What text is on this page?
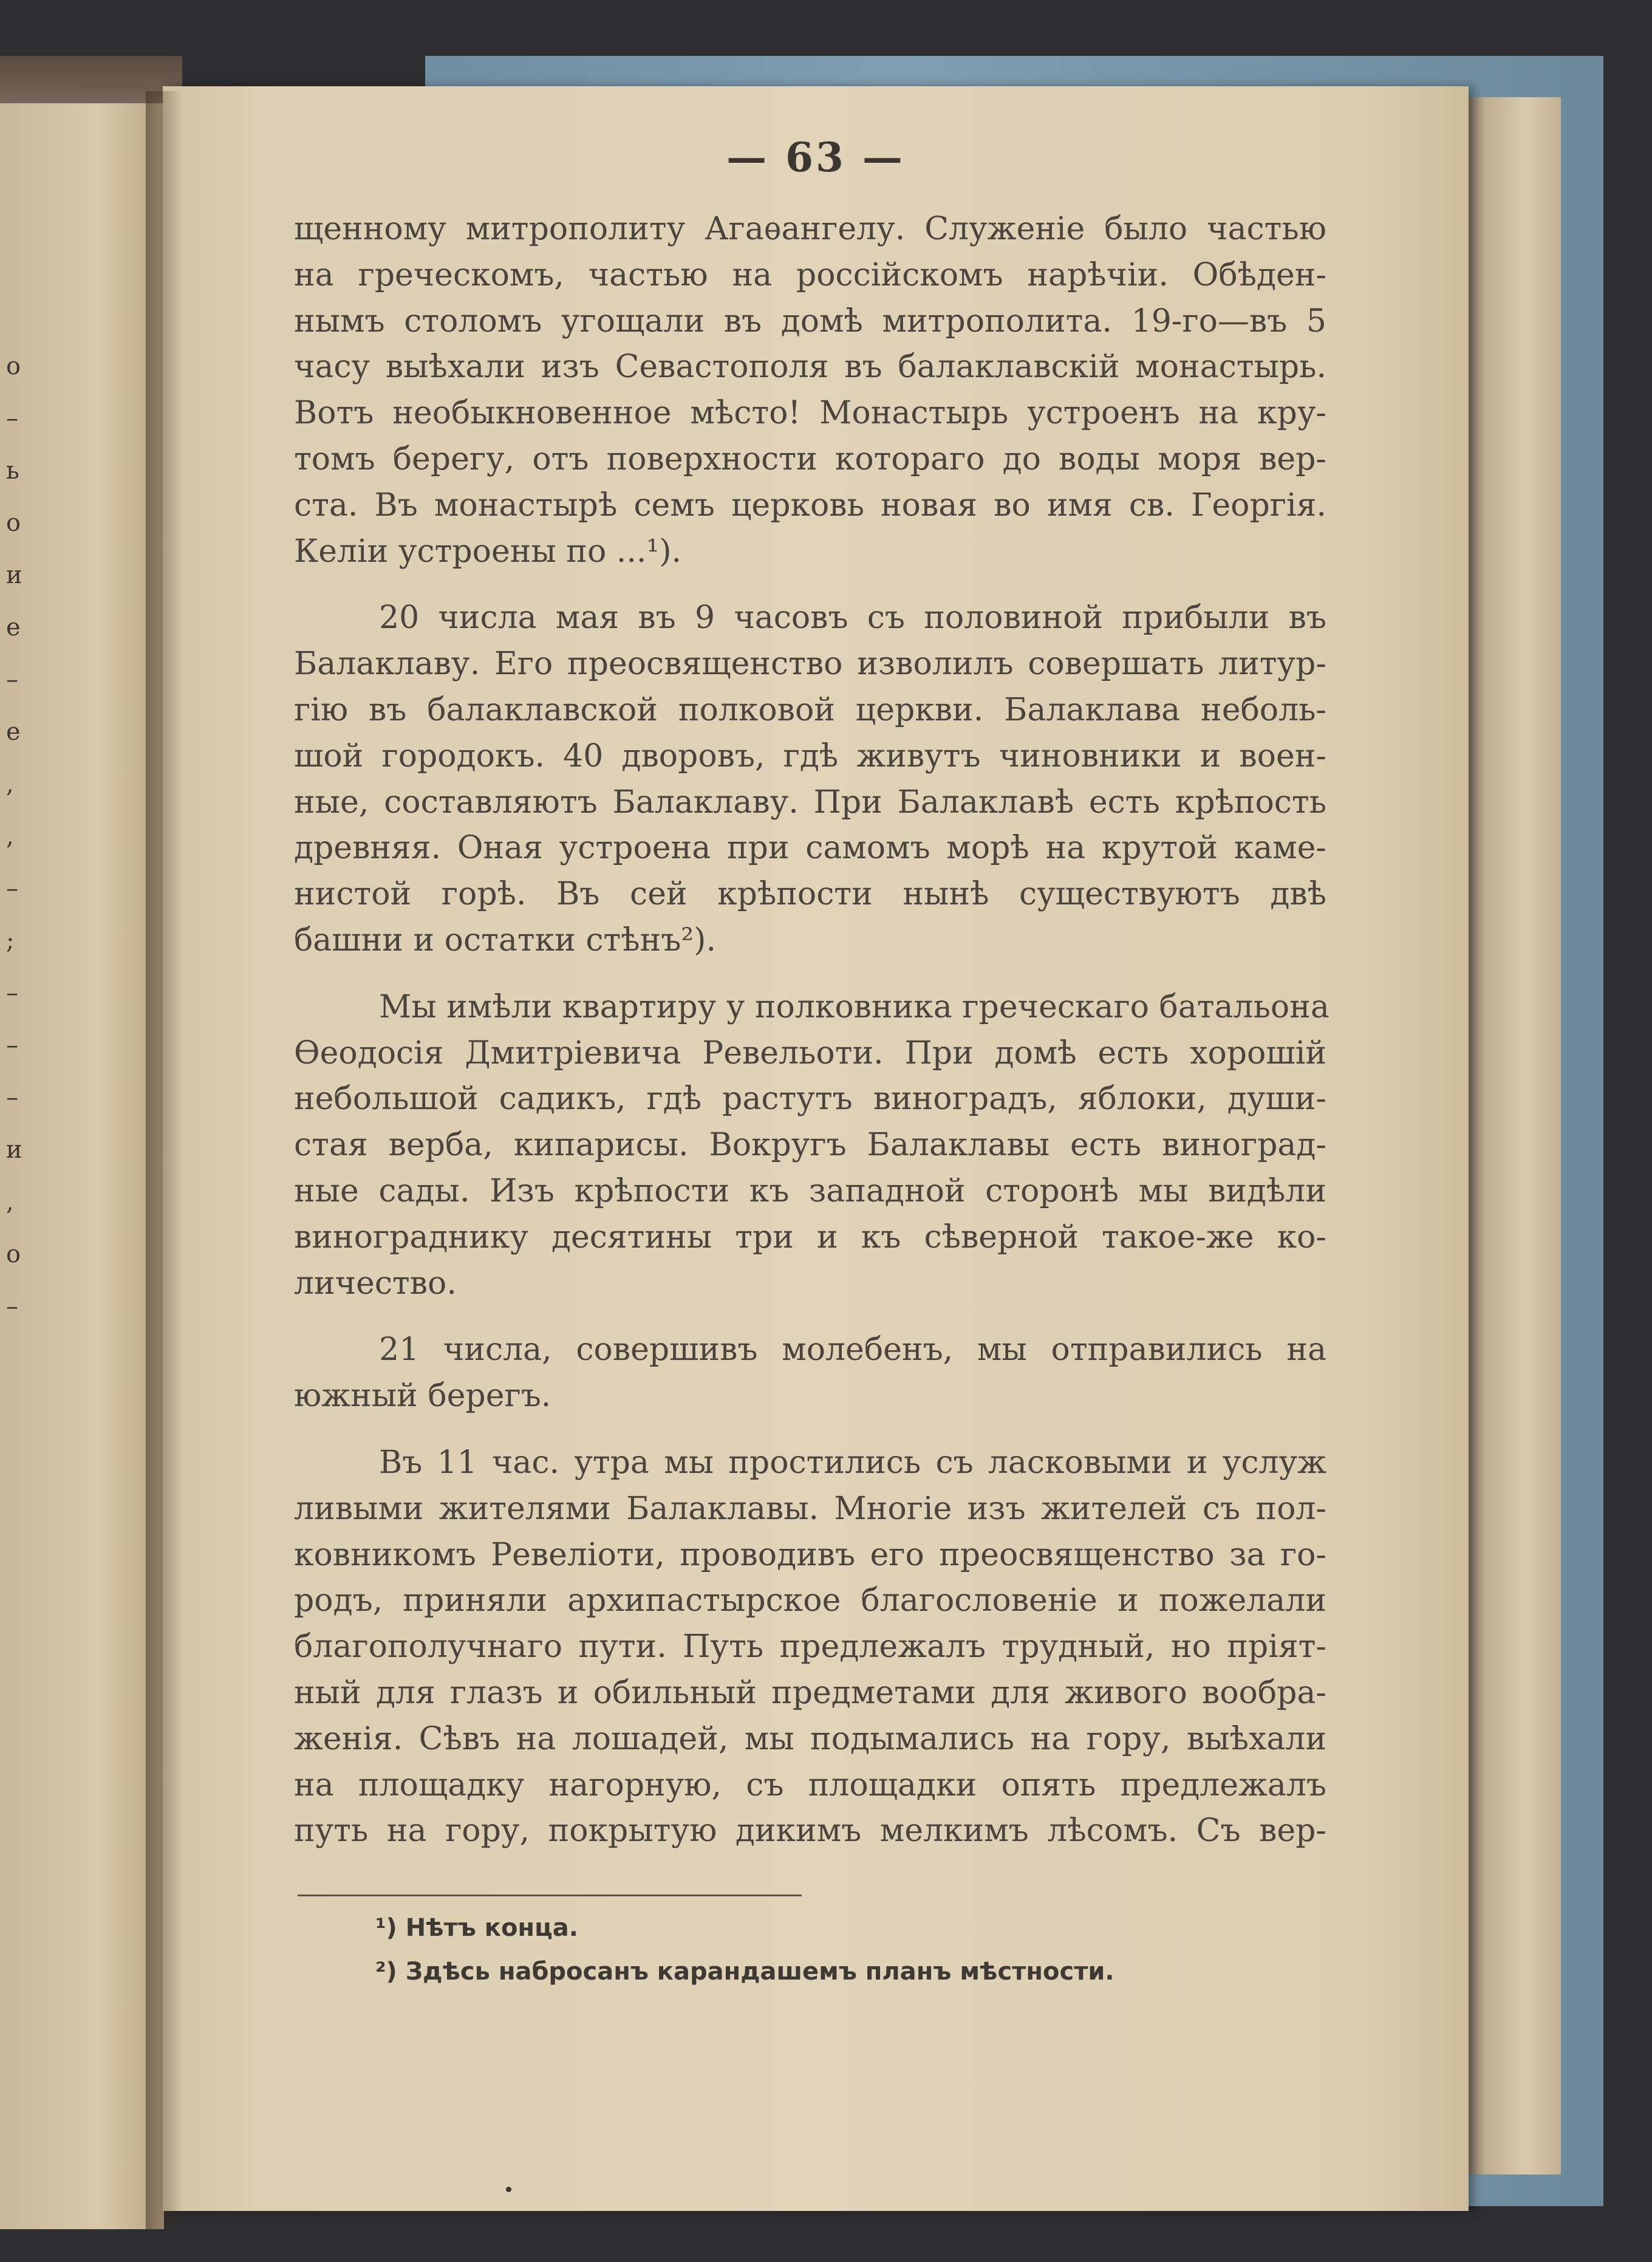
о
–
ь
о
и
е
–
е
,
,
–
;
–
–
–
и
,
о
–
— 63 —
щенному митрополиту Агаѳангелу. Служеніе было частью
на греческомъ, частью на россійскомъ нарѣчіи. Обѣден-
нымъ столомъ угощали въ домѣ митрополита. 19-го—въ 5
часу выѣхали изъ Севастополя въ балаклавскій монастырь.
Вотъ необыкновенное мѣсто! Монастырь устроенъ на кру-
томъ берегу, отъ поверхности котораго до воды моря вер-
ста. Въ монастырѣ семъ церковь новая во имя св. Георгія.
Келіи устроены по ...¹).
20 числа мая въ 9 часовъ съ половиной прибыли въ
Балаклаву. Его преосвященство изволилъ совершать литур-
гію въ балаклавской полковой церкви. Балаклава неболь-
шой городокъ. 40 дворовъ, гдѣ живутъ чиновники и воен-
ные, составляютъ Балаклаву. При Балаклавѣ есть крѣпость
древняя. Оная устроена при самомъ морѣ на крутой каме-
нистой горѣ. Въ сей крѣпости нынѣ существуютъ двѣ
башни и остатки стѣнъ²).
Мы имѣли квартиру у полковника греческаго батальона
Ѳеодосія Дмитріевича Ревельоти. При домѣ есть хорошій
небольшой садикъ, гдѣ растутъ виноградъ, яблоки, души-
стая верба, кипарисы. Вокругъ Балаклавы есть виноград-
ные сады. Изъ крѣпости къ западной сторонѣ мы видѣли
винограднику десятины три и къ сѣверной такое-же ко-
личество.
21 числа, совершивъ молебенъ, мы отправились на
южный берегъ.
Въ 11 час. утра мы простились съ ласковыми и услуж
ливыми жителями Балаклавы. Многіе изъ жителей съ пол-
ковникомъ Ревеліоти, проводивъ его преосвященство за го-
родъ, приняли архипастырское благословеніе и пожелали
благополучнаго пути. Путь предлежалъ трудный, но пріят-
ный для глазъ и обильный предметами для живого вообра-
женія. Сѣвъ на лошадей, мы подымались на гору, выѣхали
на площадку нагорную, съ площадки опять предлежалъ
путь на гору, покрытую дикимъ мелкимъ лѣсомъ. Съ вер-
¹) Нѣтъ конца.
²) Здѣсь набросанъ карандашемъ планъ мѣстности.
